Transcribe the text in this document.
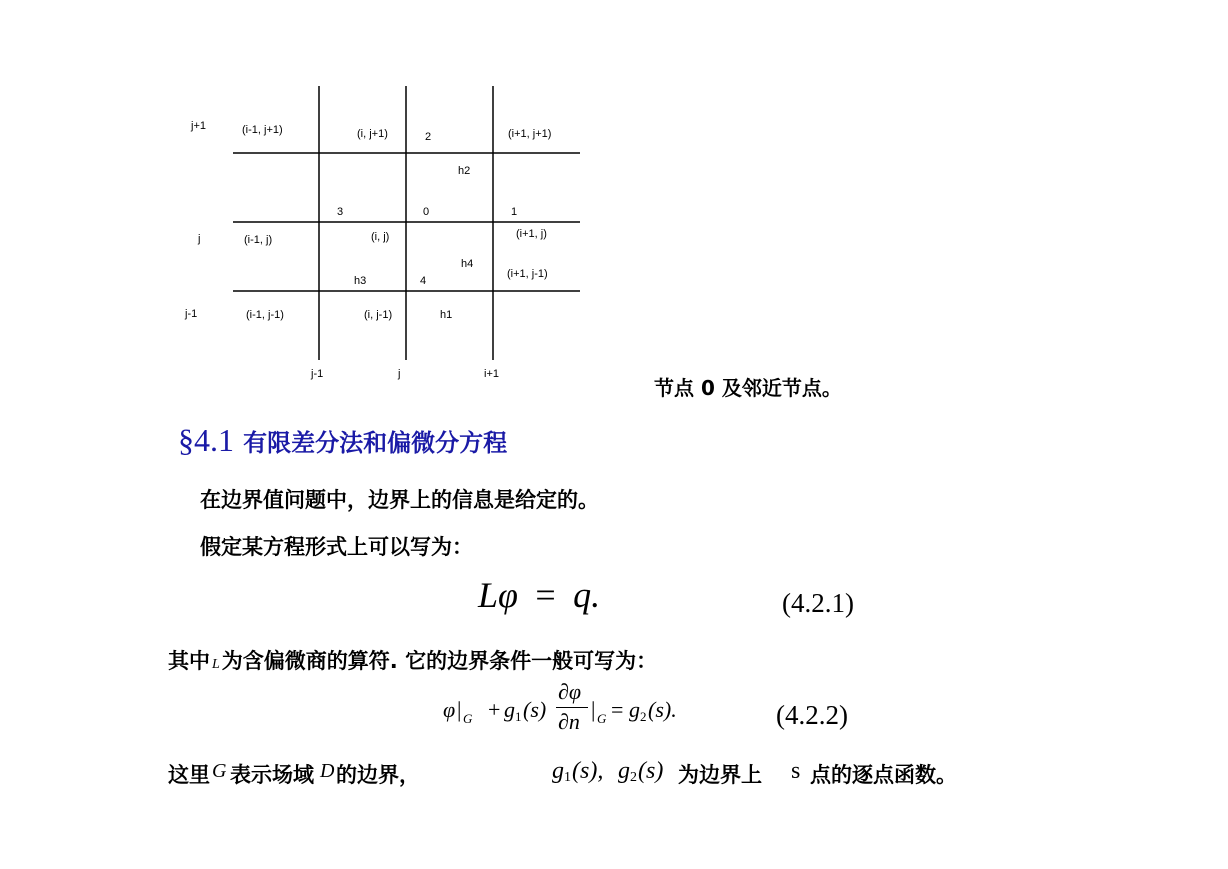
j+1
j
j-1
j-1	j	i+1
(i-1, j+1)	(i, j+1)	2	(i+1, j+1)
h2
3	0	1
(i-1, j)	(i, j)	(i+1, j)
h4
(i+1, j-1)
h3	4
(i-1, j-1)	(i, j-1)	h1
节点 0 及邻近节点。
§4.1 有限差分法和偏微分方程
在边界值问题中，边界上的信息是给定的。
假定某方程形式上可以写为：
Lφ = q.	(4.2.1)
其中 L为含偏微商的算符. 它的边界条件一般可写为：
φ | G + g 1 (s)
∂φ
∂n | G = g 2 (s).	(4.2.2)
这里 G 表示场域 D 的边界，	g 1 (s), g 2 (s) 为边界上 s 点的逐点函数。
